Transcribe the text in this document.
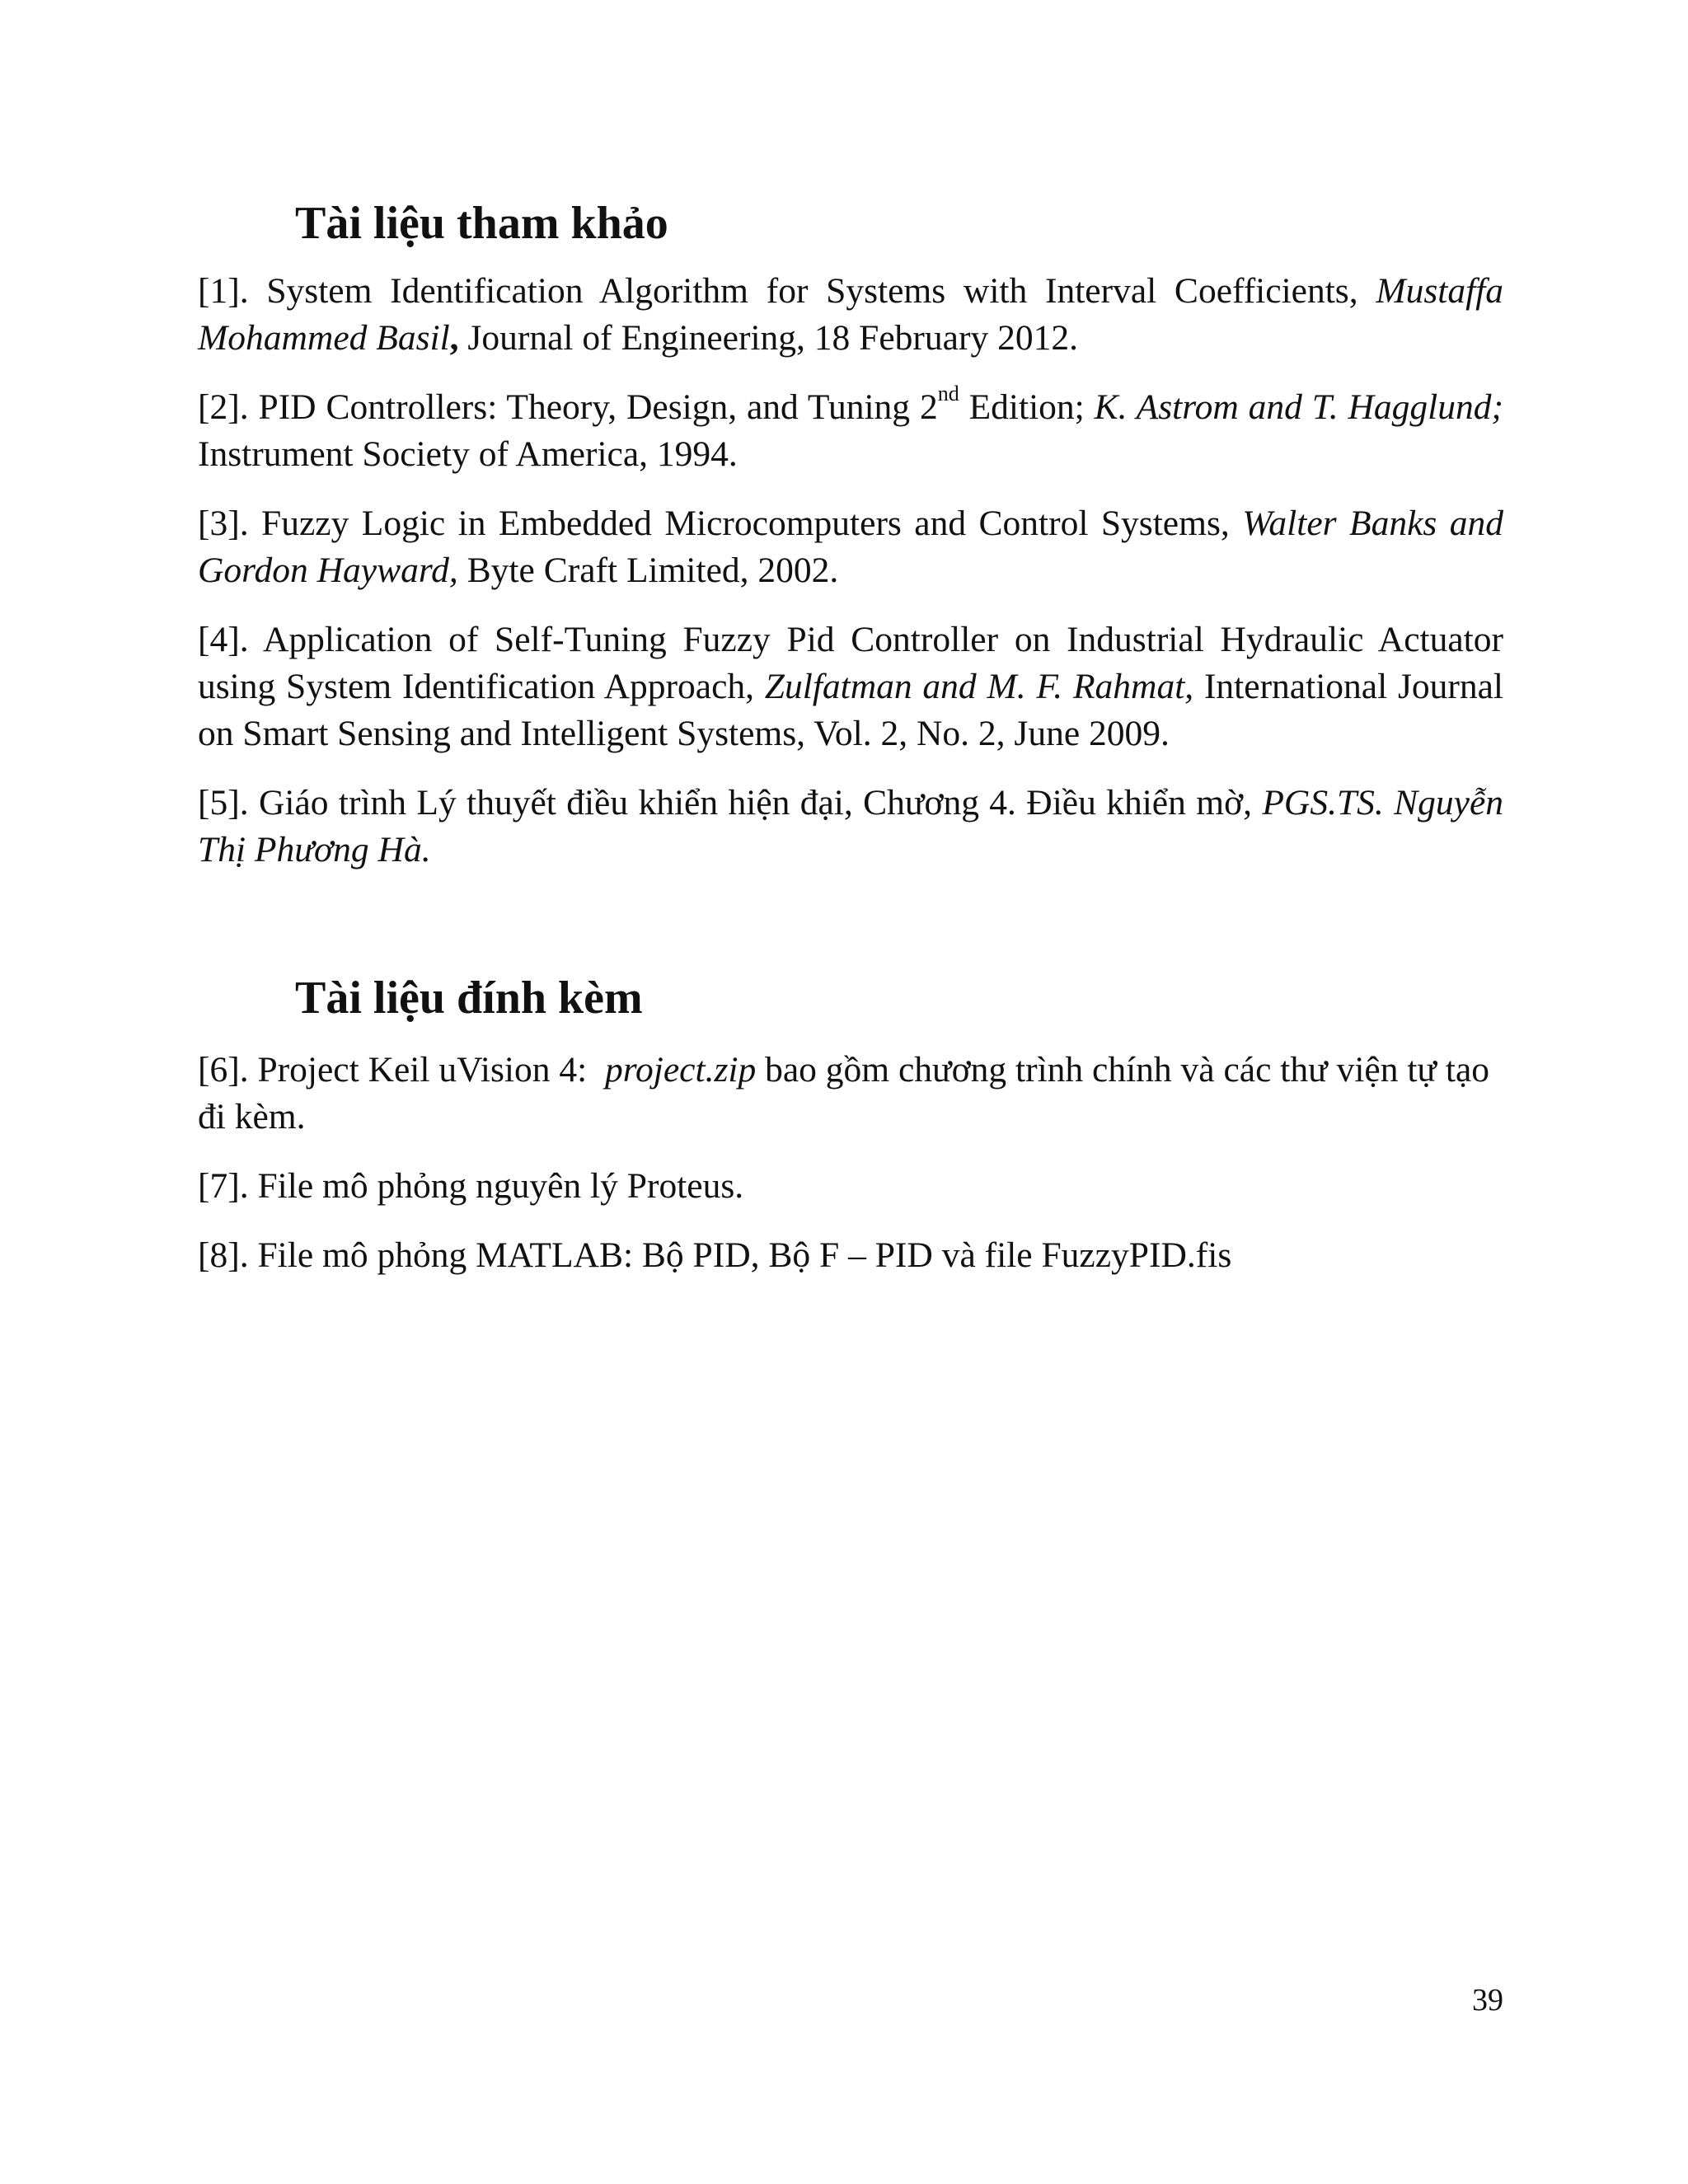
Tài liệu tham khảo

[1]. System Identification Algorithm for Systems with Interval Coefficients, Mustaffa Mohammed Basil, Journal of Engineering, 18 February 2012.

[2]. PID Controllers: Theory, Design, and Tuning 2nd Edition; K. Astrom and T. Hagglund; Instrument Society of America, 1994.

[3]. Fuzzy Logic in Embedded Microcomputers and Control Systems, Walter Banks and Gordon Hayward, Byte Craft Limited, 2002.

[4]. Application of Self-Tuning Fuzzy Pid Controller on Industrial Hydraulic Actuator using System Identification Approach, Zulfatman and M. F. Rahmat, International Journal on Smart Sensing and Intelligent Systems, Vol. 2, No. 2, June 2009.

[5]. Giáo trình Lý thuyết điều khiển hiện đại, Chương 4. Điều khiển mờ, PGS.TS. Nguyễn Thị Phương Hà.

Tài liệu đính kèm

[6]. Project Keil uVision 4:  project.zip bao gồm chương trình chính và các thư viện tự tạo đi kèm.

[7]. File mô phỏng nguyên lý Proteus.

[8]. File mô phỏng MATLAB: Bộ PID, Bộ F – PID và file FuzzyPID.fis

39
